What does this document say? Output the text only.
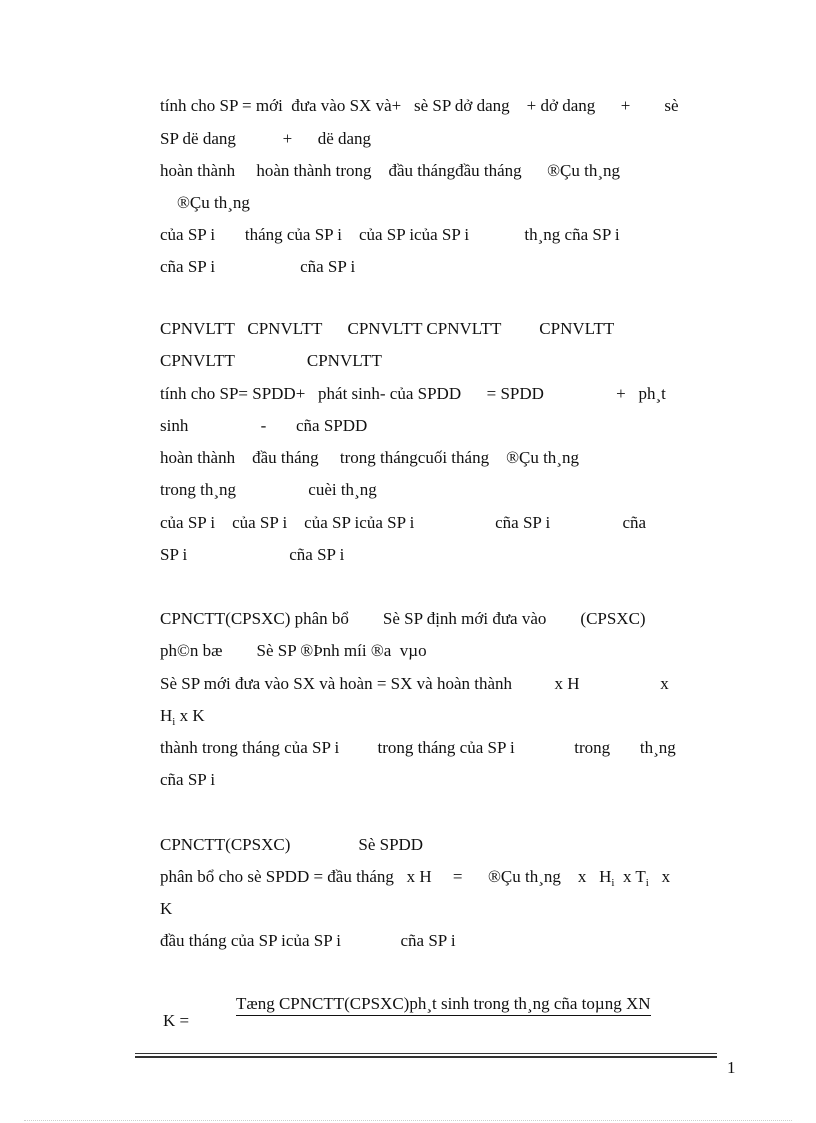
tính cho SP = mới  đưa vào SX và+   sè SP dở dang    + dở dang      +        sè
SP dë dang           +      dë dang
hoàn thành     hoàn thành trong    đầu thángđầu tháng      ®Çu th¸ng
®Çu th¸ng
của SP i       tháng của SP i    của SP icủa SP i             th¸ng cña SP i
cña SP i                    cña SP i
CPNVLTT   CPNVLTT      CPNVLTT CPNVLTT         CPNVLTT
CPNVLTT                 CPNVLTT
tính cho SP= SPDD+   phát sinh- của SPDD      = SPDD                 +   ph¸t
sinh                 -       cña SPDD
hoàn thành    đầu tháng     trong thángcuối tháng    ®Çu th¸ng
trong th¸ng                 cuèi th¸ng
của SP i    của SP i    của SP icủa SP i                   cña SP i                 cña
SP i                        cña SP i
CPNCTT(CPSXC) phân bổ        Sè SP định mới đưa vào        (CPSXC)
ph©n bæ        Sè SP ®Þnh míi ®a  vµo
Sè SP mới đưa vào SX và hoàn = SX và hoàn thành          x H                   x
$H_i$ x K
thành trong tháng của SP i         trong tháng của SP i              trong       th¸ng
cña SP i
CPNCTT(CPSXC)                Sè SPDD
phân bổ cho sè SPDD = đầu tháng   x H     =      ®Çu th¸ng    x   $H_i$  x $T_i$   x
K
đầu tháng của SP icủa SP i              cña SP i
K =
Tæng CPNCTT(CPSXC)ph¸t sinh trong th¸ng cña toµng XN
1
